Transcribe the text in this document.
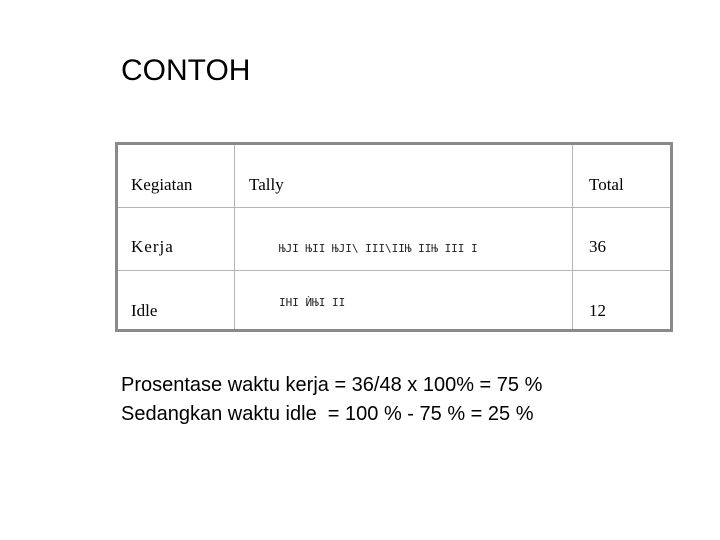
CONTOH
Kegiatan	Tally	Total
Kerja	ЊЈІ ЊІІ ЊЈІ\ ІІІ\ІІЊ ІІЊ ІІІ І	36
Idle	ІНІ ЍЊІ ІІ	12
Prosentase waktu kerja = 36/48 x 100% = 75 %
Sedangkan waktu idle  = 100 % - 75 % = 25 %
